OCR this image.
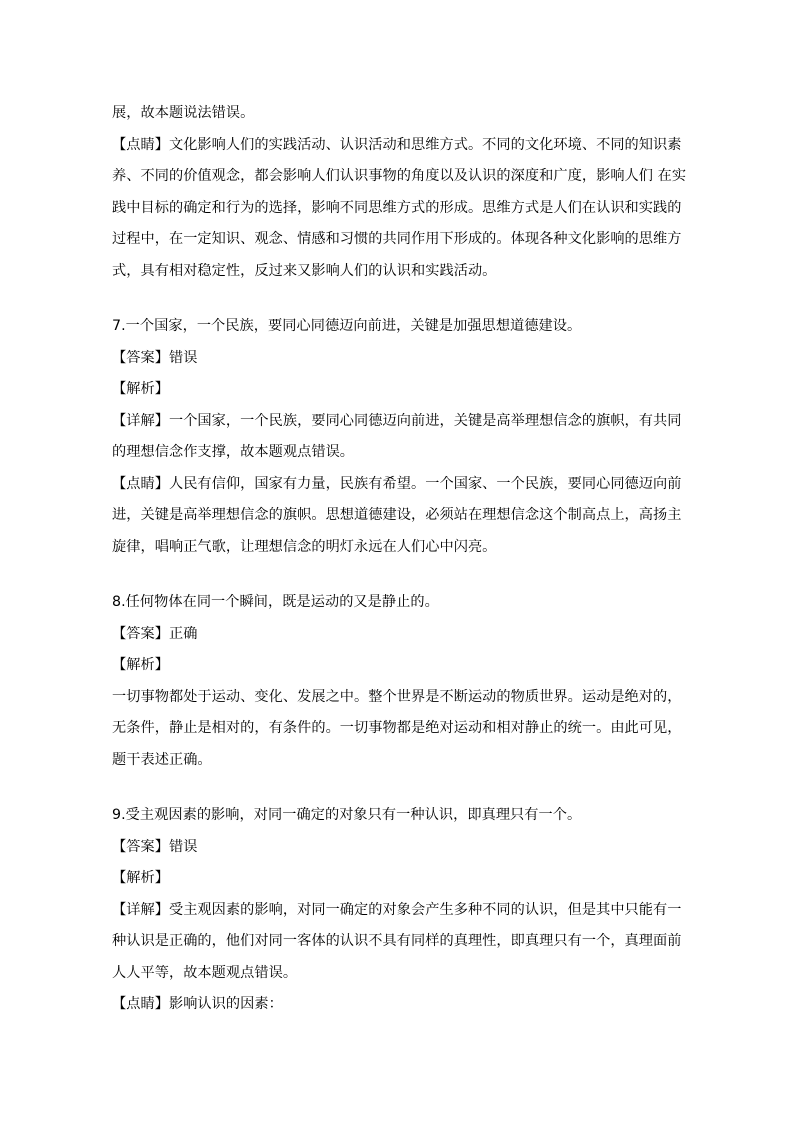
展，故本题说法错误。
【点睛】文化影响人们的实践活动、认识活动和思维方式。不同的文化环境、不同的知识素
养、不同的价值观念，都会影响人们认识事物的角度以及认识的深度和广度，影响人们 在实
践中目标的确定和行为的选择，影响不同思维方式的形成。思维方式是人们在认识和实践的
过程中，在一定知识、观念、情感和习惯的共同作用下形成的。体现各种文化影响的思维方
式，具有相对稳定性，反过来又影响人们的认识和实践活动。
7.一个国家，一个民族，要同心同德迈向前进，关键是加强思想道德建设。
【答案】错误
【解析】
【详解】一个国家，一个民族，要同心同德迈向前进，关键是高举理想信念的旗帜，有共同
的理想信念作支撑，故本题观点错误。
【点睛】人民有信仰，国家有力量，民族有希望。一个国家、一个民族，要同心同德迈向前
进，关键是高举理想信念的旗帜。思想道德建设，必须站在理想信念这个制高点上，高扬主
旋律，唱响正气歌，让理想信念的明灯永远在人们心中闪亮。
8.任何物体在同一个瞬间，既是运动的又是静止的。
【答案】正确
【解析】
一切事物都处于运动、变化、发展之中。整个世界是不断运动的物质世界。运动是绝对的，
无条件，静止是相对的，有条件的。一切事物都是绝对运动和相对静止的统一。由此可见，
题干表述正确。
9.受主观因素的影响，对同一确定的对象只有一种认识，即真理只有一个。
【答案】错误
【解析】
【详解】受主观因素的影响，对同一确定的对象会产生多种不同的认识，但是其中只能有一
种认识是正确的，他们对同一客体的认识不具有同样的真理性，即真理只有一个，真理面前
人人平等，故本题观点错误。
【点睛】影响认识的因素：
